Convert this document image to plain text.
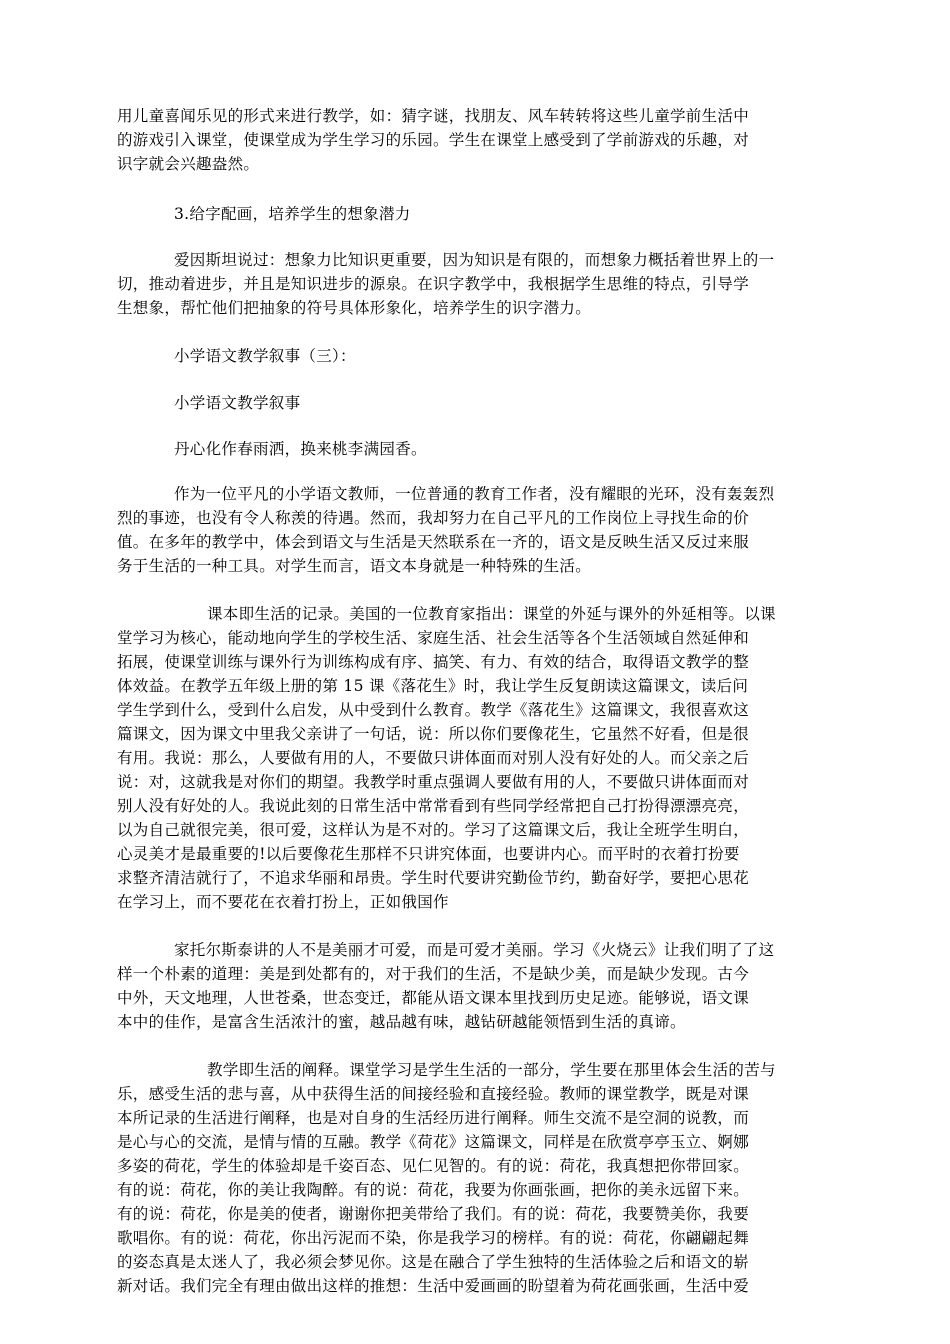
用儿童喜闻乐见的形式来进行教学，如：猜字谜，找朋友、风车转转将这些儿童学前生活中
的游戏引入课堂，使课堂成为学生学习的乐园。学生在课堂上感受到了学前游戏的乐趣，对
识字就会兴趣盎然。
3.给字配画，培养学生的想象潜力
爱因斯坦说过：想象力比知识更重要，因为知识是有限的，而想象力概括着世界上的一
切，推动着进步，并且是知识进步的源泉。在识字教学中，我根据学生思维的特点，引导学
生想象，帮忙他们把抽象的符号具体形象化，培养学生的识字潜力。
小学语文教学叙事（三）：
小学语文教学叙事
丹心化作春雨洒，换来桃李满园香。
作为一位平凡的小学语文教师，一位普通的教育工作者，没有耀眼的光环，没有轰轰烈
烈的事迹，也没有令人称羡的待遇。然而，我却努力在自己平凡的工作岗位上寻找生命的价
值。在多年的教学中，体会到语文与生活是天然联系在一齐的，语文是反映生活又反过来服
务于生活的一种工具。对学生而言，语文本身就是一种特殊的生活。
课本即生活的记录。美国的一位教育家指出：课堂的外延与课外的外延相等。以课
堂学习为核心，能动地向学生的学校生活、家庭生活、社会生活等各个生活领域自然延伸和
拓展，使课堂训练与课外行为训练构成有序、搞笑、有力、有效的结合，取得语文教学的整
体效益。在教学五年级上册的第 15 课《落花生》时，我让学生反复朗读这篇课文，读后问
学生学到什么，受到什么启发，从中受到什么教育。教学《落花生》这篇课文，我很喜欢这
篇课文，因为课文中里我父亲讲了一句话，说：所以你们要像花生，它虽然不好看，但是很
有用。我说：那么，人要做有用的人，不要做只讲体面而对别人没有好处的人。而父亲之后
说：对，这就我是对你们的期望。我教学时重点强调人要做有用的人，不要做只讲体面而对
别人没有好处的人。我说此刻的日常生活中常常看到有些同学经常把自己打扮得漂漂亮亮，
以为自己就很完美，很可爱，这样认为是不对的。学习了这篇课文后，我让全班学生明白，
心灵美才是最重要的!以后要像花生那样不只讲究体面，也要讲内心。而平时的衣着打扮要
求整齐清洁就行了，不追求华丽和昂贵。学生时代要讲究勤俭节约，勤奋好学，要把心思花
在学习上，而不要花在衣着打扮上，正如俄国作
家托尔斯泰讲的人不是美丽才可爱，而是可爱才美丽。学习《火烧云》让我们明了了这
样一个朴素的道理：美是到处都有的，对于我们的生活，不是缺少美，而是缺少发现。古今
中外，天文地理，人世苍桑，世态变迁，都能从语文课本里找到历史足迹。能够说，语文课
本中的佳作，是富含生活浓汁的蜜，越品越有味，越钻研越能领悟到生活的真谛。
教学即生活的阐释。课堂学习是学生生活的一部分，学生要在那里体会生活的苦与
乐，感受生活的悲与喜，从中获得生活的间接经验和直接经验。教师的课堂教学，既是对课
本所记录的生活进行阐释，也是对自身的生活经历进行阐释。师生交流不是空洞的说教，而
是心与心的交流，是情与情的互融。教学《荷花》这篇课文，同样是在欣赏亭亭玉立、婀娜
多姿的荷花，学生的体验却是千姿百态、见仁见智的。有的说：荷花，我真想把你带回家。
有的说：荷花，你的美让我陶醉。有的说：荷花，我要为你画张画，把你的美永远留下来。
有的说：荷花，你是美的使者，谢谢你把美带给了我们。有的说：荷花，我要赞美你，我要
歌唱你。有的说：荷花，你出污泥而不染，你是我学习的榜样。有的说：荷花，你翩翩起舞
的姿态真是太迷人了，我必须会梦见你。这是在融合了学生独特的生活体验之后和语文的崭
新对话。我们完全有理由做出这样的推想：生活中爱画画的盼望着为荷花画张画，生活中爱
